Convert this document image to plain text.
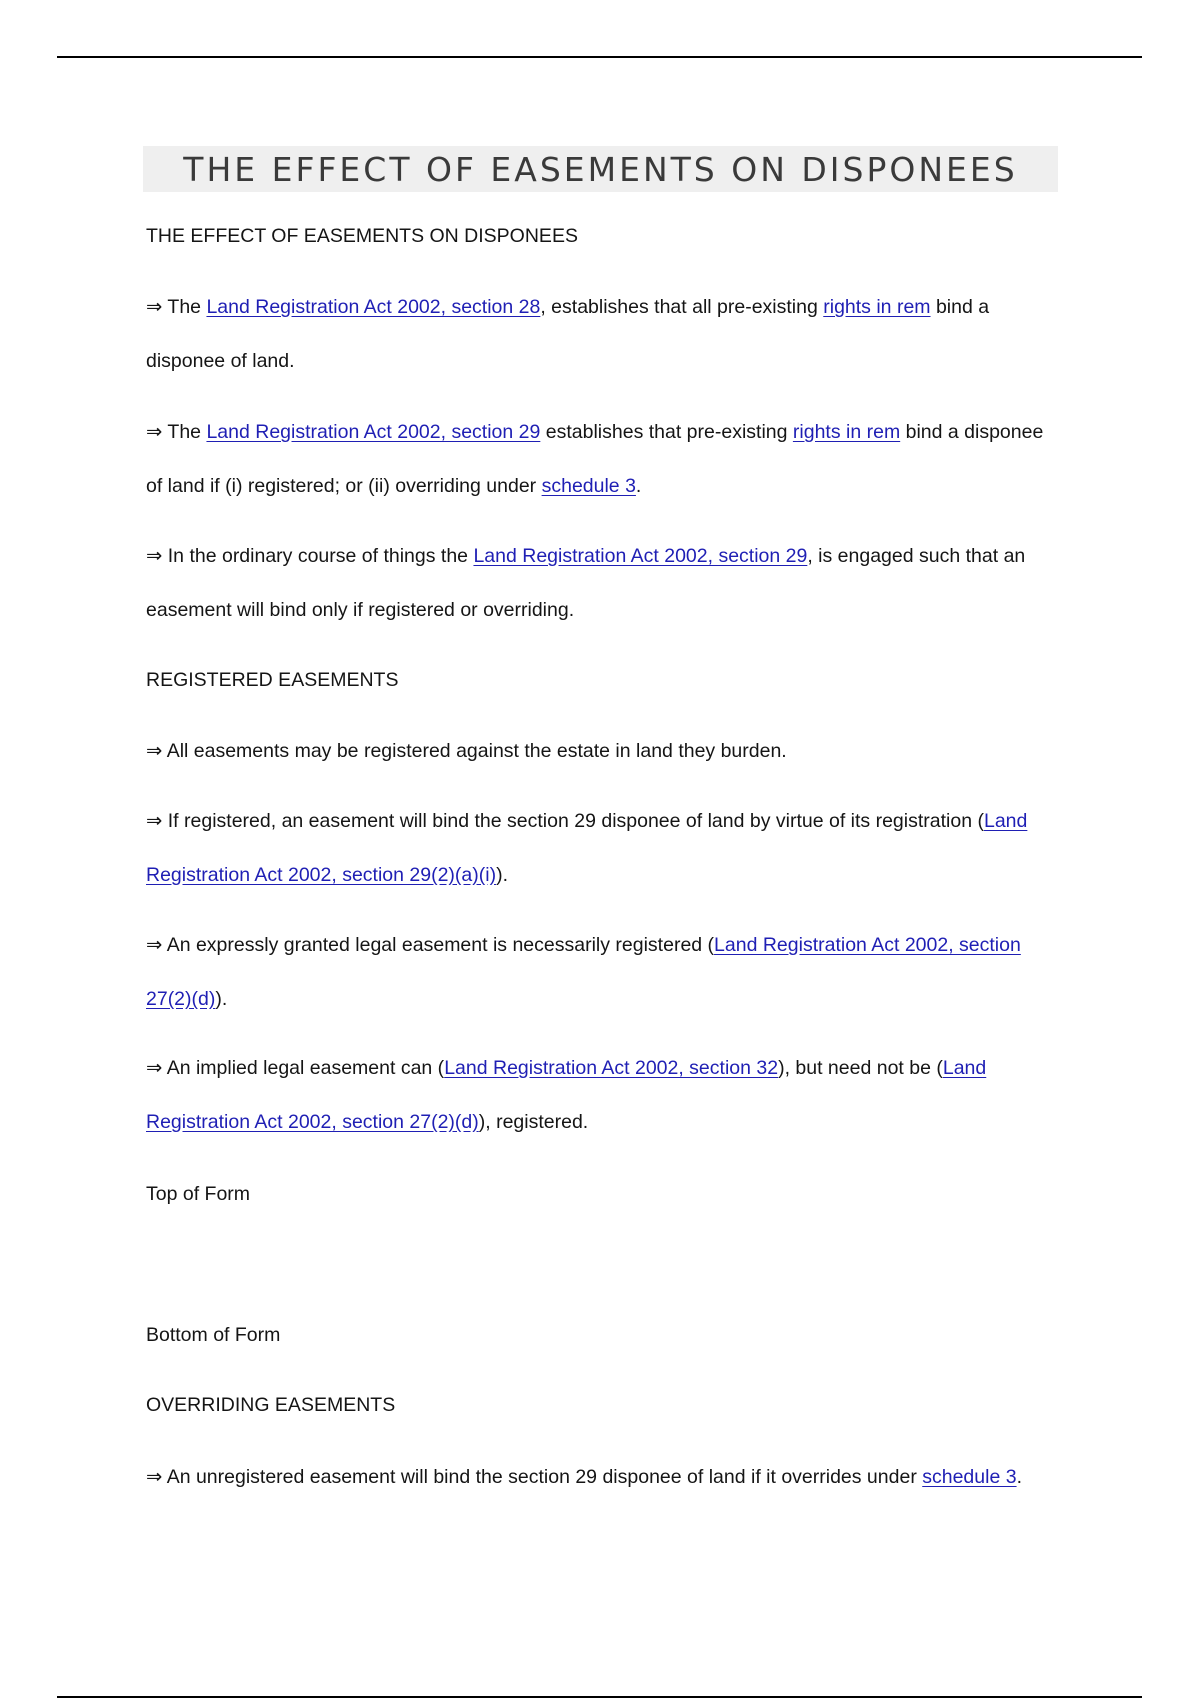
THE EFFECT OF EASEMENTS ON DISPONEES

THE EFFECT OF EASEMENTS ON DISPONEES

⇒ The Land Registration Act 2002, section 28, establishes that all pre-existing rights in rem bind a disponee of land.

⇒ The Land Registration Act 2002, section 29 establishes that pre-existing rights in rem bind a disponee of land if (i) registered; or (ii) overriding under schedule 3.

⇒ In the ordinary course of things the Land Registration Act 2002, section 29, is engaged such that an easement will bind only if registered or overriding.

REGISTERED EASEMENTS

⇒ All easements may be registered against the estate in land they burden.

⇒ If registered, an easement will bind the section 29 disponee of land by virtue of its registration (Land Registration Act 2002, section 29(2)(a)(i)).

⇒ An expressly granted legal easement is necessarily registered (Land Registration Act 2002, section 27(2)(d)).

⇒ An implied legal easement can (Land Registration Act 2002, section 32), but need not be (Land Registration Act 2002, section 27(2)(d)), registered.

Top of Form

Bottom of Form

OVERRIDING EASEMENTS

⇒ An unregistered easement will bind the section 29 disponee of land if it overrides under schedule 3.
